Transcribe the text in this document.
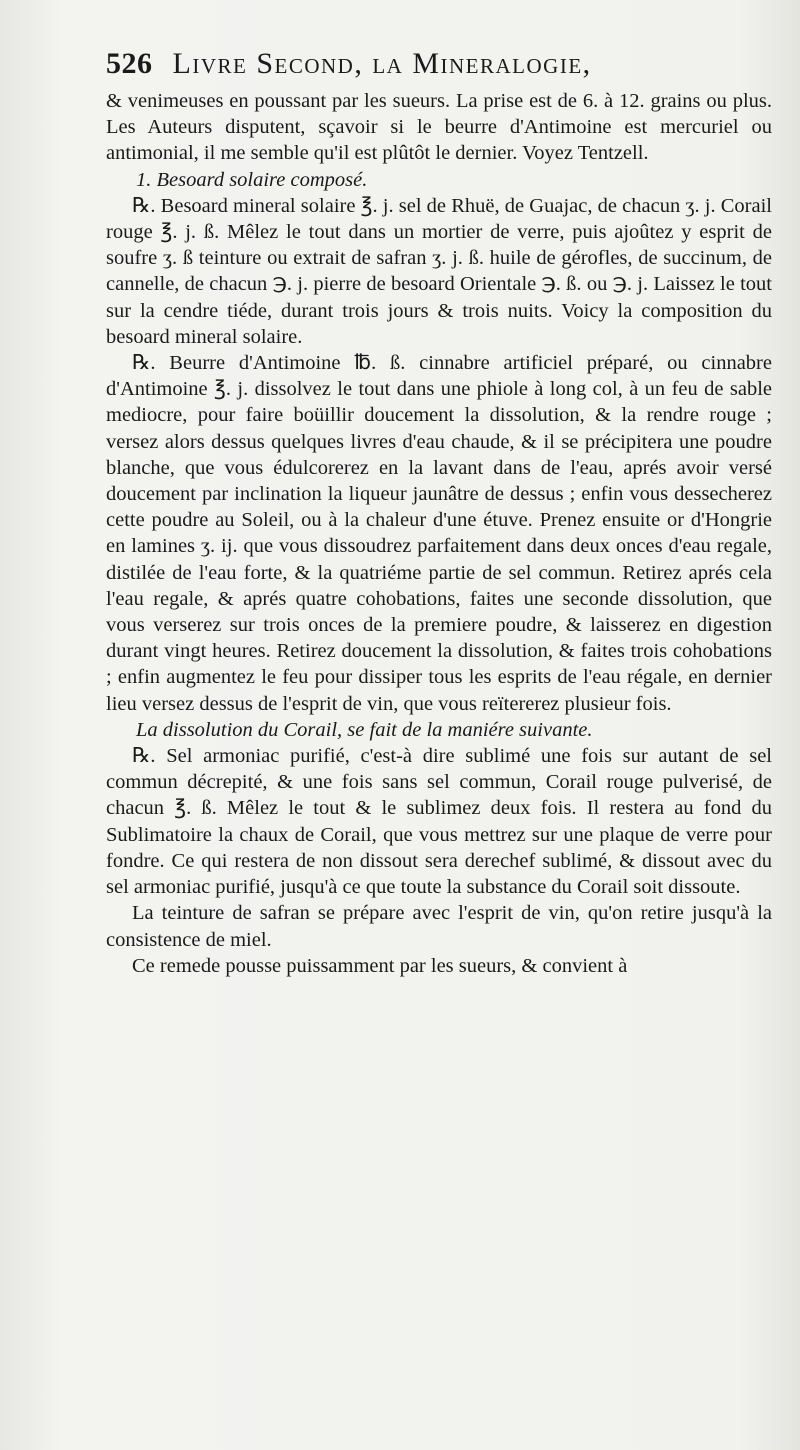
526 Livre Second, la Mineralogie,

& venimeuses en poussant par les sueurs. La prise est de 6. à 12. grains ou plus. Les Auteurs disputent, sçavoir si le beurre d'Antimoine est mercuriel ou antimonial, il me semble qu'il est plûtôt le dernier. Voyez Tentzell.

1. Besoard solaire composé.

℞. Besoard mineral solaire ℥. j. sel de Rhuë, de Guajac, de chacun ʒ. j. Corail rouge ℥. j. ß. Mêlez le tout dans un mortier de verre, puis ajoûtez y esprit de soufre ʒ. ß teinture ou extrait de safran ʒ. j. ß. huile de gérofles, de succinum, de cannelle, de chacun ℈. j. pierre de besoard Orientale ℈. ß. ou ℈. j. Laissez le tout sur la cendre tiéde, durant trois jours & trois nuits. Voicy la composition du besoard mineral solaire.

℞. Beurre d'Antimoine ℔. ß. cinnabre artificiel préparé, ou cinnabre d'Antimoine ℥. j. dissolvez le tout dans une phiole à long col, à un feu de sable mediocre, pour faire boüillir doucement la dissolution, & la rendre rouge ; versez alors dessus quelques livres d'eau chaude, & il se précipitera une poudre blanche, que vous édulcorerez en la lavant dans de l'eau, aprés avoir versé doucement par inclination la liqueur jaunâtre de dessus ; enfin vous dessecherez cette poudre au Soleil, ou à la chaleur d'une étuve. Prenez ensuite or d'Hongrie en lamines ʒ. ij. que vous dissoudrez parfaitement dans deux onces d'eau regale, distilée de l'eau forte, & la quatriéme partie de sel commun. Retirez aprés cela l'eau regale, & aprés quatre cohobations, faites une seconde dissolution, que vous verserez sur trois onces de la premiere poudre, & laisserez en digestion durant vingt heures. Retirez doucement la dissolution, & faites trois cohobations ; enfin augmentez le feu pour dissiper tous les esprits de l'eau régale, en dernier lieu versez dessus de l'esprit de vin, que vous reïtererez plusieur fois.

La dissolution du Corail, se fait de la maniére suivante.

℞. Sel armoniac purifié, c'est-à dire sublimé une fois sur autant de sel commun décrepité, & une fois sans sel commun, Corail rouge pulverisé, de chacun ℥. ß. Mêlez le tout & le sublimez deux fois. Il restera au fond du Sublimatoire la chaux de Corail, que vous mettrez sur une plaque de verre pour fondre. Ce qui restera de non dissout sera derechef sublimé, & dissout avec du sel armoniac purifié, jusqu'à ce que toute la substance du Corail soit dissoute.

La teinture de safran se prépare avec l'esprit de vin, qu'on retire jusqu'à la consistence de miel.

Ce remede pousse puissamment par les sueurs, & convient à
